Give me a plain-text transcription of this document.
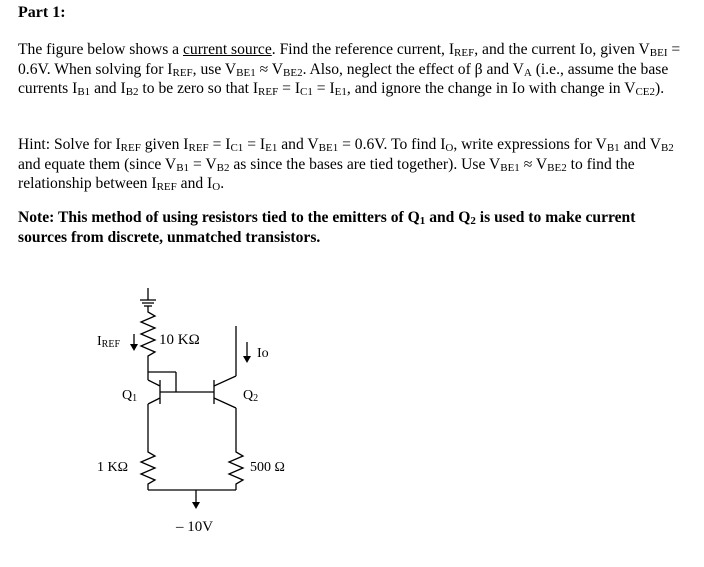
Part 1:
The figure below shows a current source. Find the reference current, $I_{REF}$, and the current Io, given $V_{BEI} = 0.6V$. When solving for $I_{REF}$, use $V_{BE1} \approx V_{BE2}$. Also, neglect the effect of β and $V_A$ (i.e., assume the base currents $I_{B1}$ and $I_{B2}$ to be zero so that $I_{REF} = I_{C1} = I_{E1}$, and ignore the change in Io with change in $V_{CE2}$).
Hint: Solve for $I_{REF}$ given $I_{REF} = I_{C1} = I_{E1}$ and $V_{BE1} = 0.6V$. To find $I_O$, write expressions for $V_{B1}$ and $V_{B2}$ and equate them (since $V_{B1} = V_{B2}$ as since the bases are tied together). Use $V_{BE1} \approx V_{BE2}$ to find the relationship between $I_{REF}$ and $I_O$.
Note: This method of using resistors tied to the emitters of $Q_1$ and $Q_2$ is used to make current sources from discrete, unmatched transistors.
IREF	10 KΩ
Io
Q1	Q2
1 KΩ	500 Ω
– 10V
